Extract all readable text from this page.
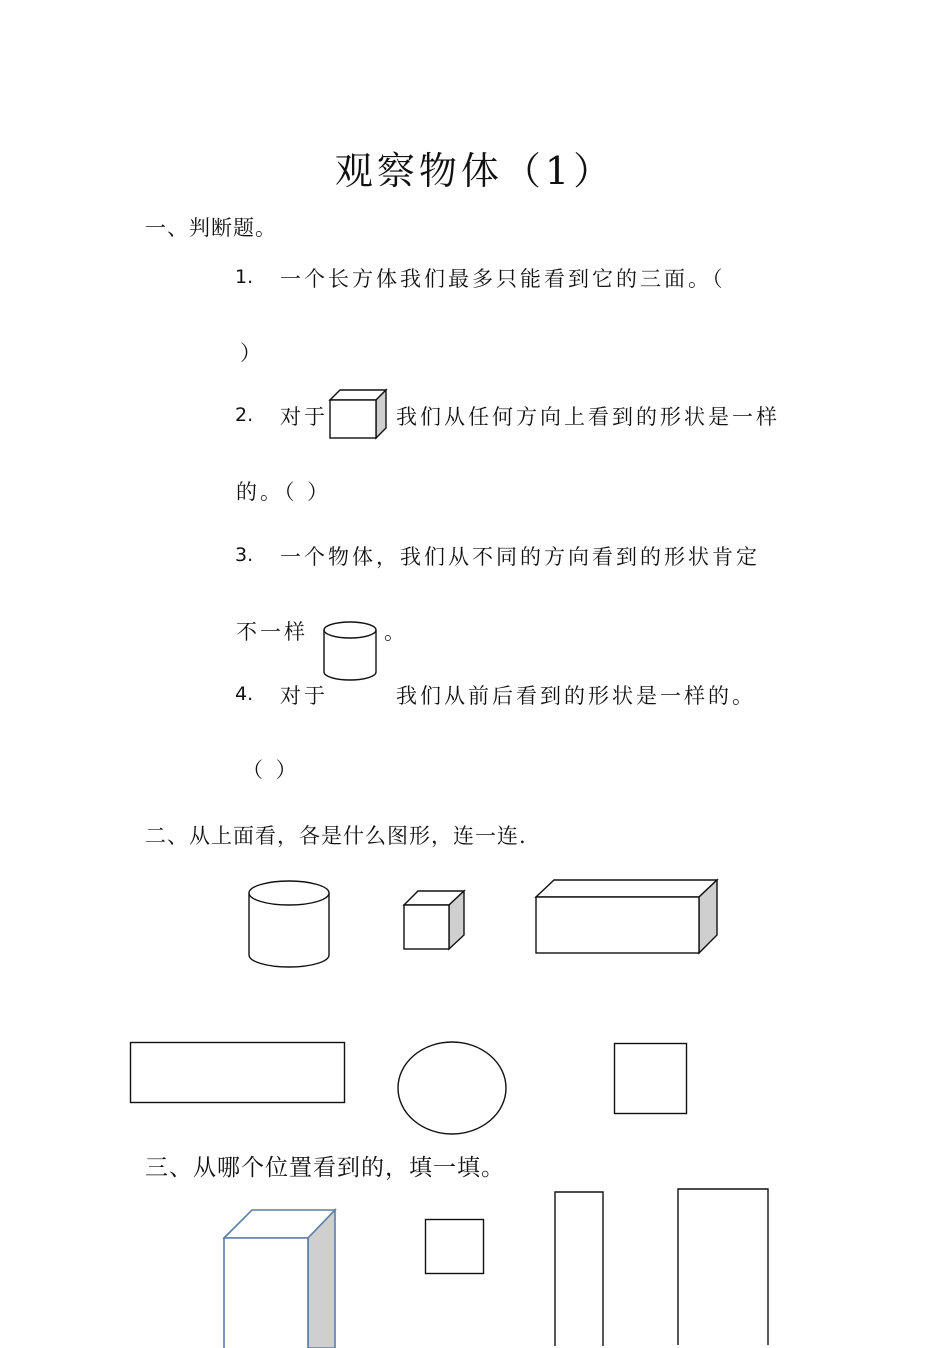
观察物体（1）
一、判断题。
1. 一个长方体我们最多只能看到它的三面。（
）
2. 对于	我们从任何方向上看到的形状是一样
的。（ ）
3. 一个物体，我们从不同的方向看到的形状肯定
不一样	。
4. 对于	我们从前后看到的形状是一样的。
（ ）
二、从上面看，各是什么图形，连一连.
三、从哪个位置看到的，填一填。
